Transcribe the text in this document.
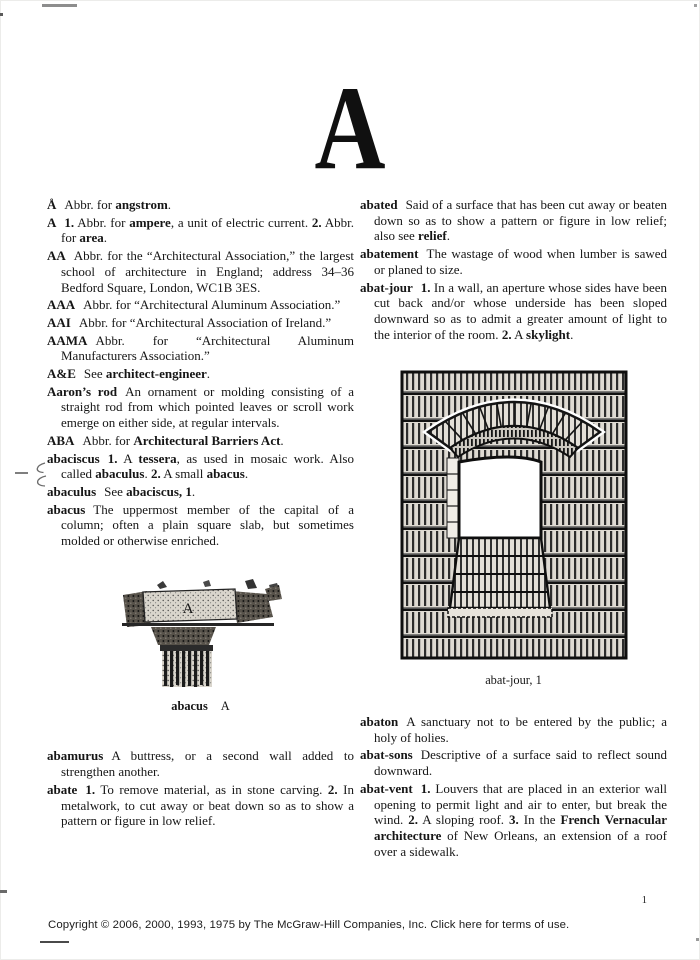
A
Å Abbr. for angstrom.
A 1. Abbr. for ampere, a unit of electric current. 2. Abbr. for area.
AA Abbr. for the “Architectural Association,” the largest school of architecture in England; address 34–36 Bedford Square, London, WC1B 3ES.
AAA Abbr. for “Architectural Aluminum Association.”
AAI Abbr. for “Architectural Association of Ireland.”
AAMA Abbr. for “Architectural Aluminum Manufacturers Association.”
A&E See architect-engineer.
Aaron’s rod An ornament or molding consisting of a straight rod from which pointed leaves or scroll work emerge on either side, at regular intervals.
ABA Abbr. for Architectural Barriers Act.
abaciscus 1. A tessera, as used in mosaic work. Also called abaculus. 2. A small abacus.
abaculus See abaciscus, 1.
abacus The uppermost member of the capital of a column; often a plain square slab, but sometimes molded or otherwise enriched.
A
abacus A
abamurus A buttress, or a second wall added to strengthen another.
abate 1. To remove material, as in stone carving. 2. In metalwork, to cut away or beat down so as to show a pattern or figure in low relief.
abated Said of a surface that has been cut away or beaten down so as to show a pattern or figure in low relief; also see relief.
abatement The wastage of wood when lumber is sawed or planed to size.
abat-jour 1. In a wall, an aperture whose sides have been cut back and/or whose underside has been sloped downward so as to admit a greater amount of light to the interior of the room. 2. A skylight.
abat-jour, 1
abaton A sanctuary not to be entered by the public; a holy of holies.
abat-sons Descriptive of a surface said to reflect sound downward.
abat-vent 1. Louvers that are placed in an exterior wall opening to permit light and air to enter, but break the wind. 2. A sloping roof. 3. In the French Vernacular architecture of New Orleans, an extension of a roof over a sidewalk.
1
Copyright © 2006, 2000, 1993, 1975 by The McGraw-Hill Companies, Inc. Click here for terms of use.
